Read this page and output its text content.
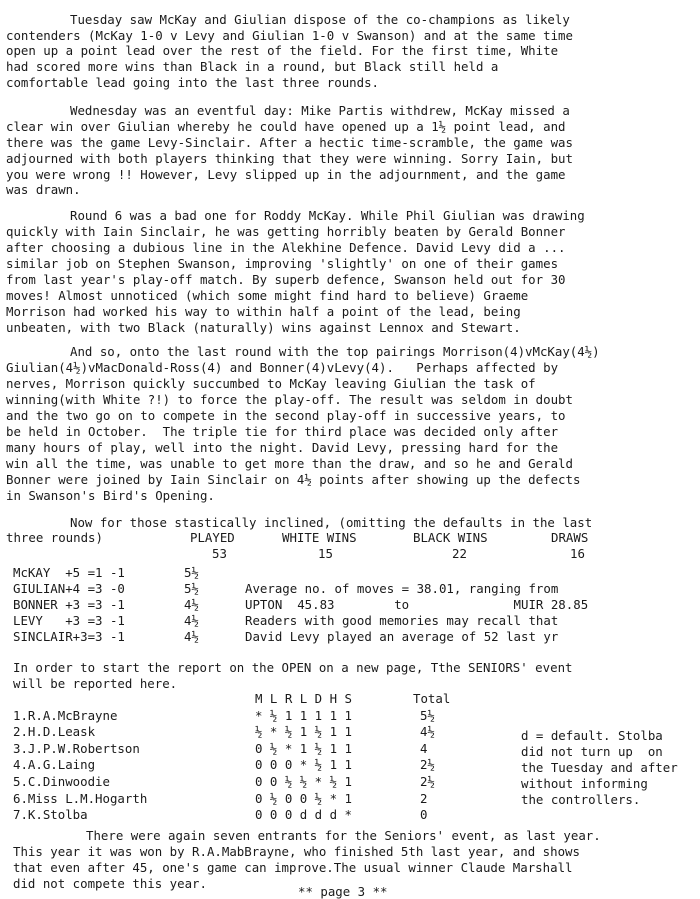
Tuesday saw McKay and Giulian dispose of the co-champions as likely
contenders (McKay 1-0 v Levy and Giulian 1-0 v Swanson) and at the same time
open up a point lead over the rest of the field. For the first time, White
had scored more wins than Black in a round, but Black still held a
comfortable lead going into the last three rounds.
Wednesday was an eventful day: Mike Partis withdrew, McKay missed a
clear win over Giulian whereby he could have opened up a 1½ point lead, and
there was the game Levy-Sinclair. After a hectic time-scramble, the game was
adjourned with both players thinking that they were winning. Sorry Iain, but
you were wrong !! However, Levy slipped up in the adjournment, and the game
was drawn.
Round 6 was a bad one for Roddy McKay. While Phil Giulian was drawing
quickly with Iain Sinclair, he was getting horribly beaten by Gerald Bonner
after choosing a dubious line in the Alekhine Defence. David Levy did a ...
similar job on Stephen Swanson, improving 'slightly' on one of their games
from last year's play-off match. By superb defence, Swanson held out for 30
moves! Almost unnoticed (which some might find hard to believe) Graeme
Morrison had worked his way to within half a point of the lead, being
unbeaten, with two Black (naturally) wins against Lennox and Stewart.
And so, onto the last round with the top pairings Morrison(4)vMcKay(4½)
Giulian(4½)vMacDonald-Ross(4) and Bonner(4)vLevy(4).   Perhaps affected by
nerves, Morrison quickly succumbed to McKay leaving Giulian the task of
winning(with White ?!) to force the play-off. The result was seldom in doubt
and the two go on to compete in the second play-off in successive years, to
be held in October.  The triple tie for third place was decided only after
many hours of play, well into the night. David Levy, pressing hard for the
win all the time, was unable to get more than the draw, and so he and Gerald
Bonner were joined by Iain Sinclair on 4½ points after showing up the defects
in Swanson's Bird's Opening.
Now for those stastically inclined, (omitting the defaults in the last
three rounds)	PLAYED	WHITE WINS	BLACK WINS	DRAWS
53	15	22	16
McKAY  +5 =1 -1	5½
GIULIAN+4 =3 -0	5½	Average no. of moves = 38.01, ranging from
BONNER +3 =3 -1	4½	UPTON  45.83        to              MUIR 28.85
LEVY   +3 =3 -1	4½	Readers with good memories may recall that
SINCLAIR+3=3 -1	4½	David Levy played an average of 52 last yr
In order to start the report on the OPEN on a new page, Tthe SENIORS' event
will be reported here.
M L R L D H S	Total
1.R.A.McBrayne	* ½ 1 1 1 1 1	5½
2.H.D.Leask	½ * ½ 1 ½ 1 1	4½
3.J.P.W.Robertson	0 ½ * 1 ½ 1 1	4
4.A.G.Laing	0 0 0 * ½ 1 1	2½
5.C.Dinwoodie	0 0 ½ ½ * ½ 1	2½
6.Miss L.M.Hogarth	0 ½ 0 0 ½ * 1	2
7.K.Stolba	0 0 0 d d d *	0
d = default. Stolba
did not turn up  on
the Tuesday and after
without informing
the controllers.
There were again seven entrants for the Seniors' event, as last year.
This year it was won by R.A.MabBrayne, who finished 5th last year, and shows
that even after 45, one's game can improve.The usual winner Claude Marshall
did not compete this year.
** page 3 **
